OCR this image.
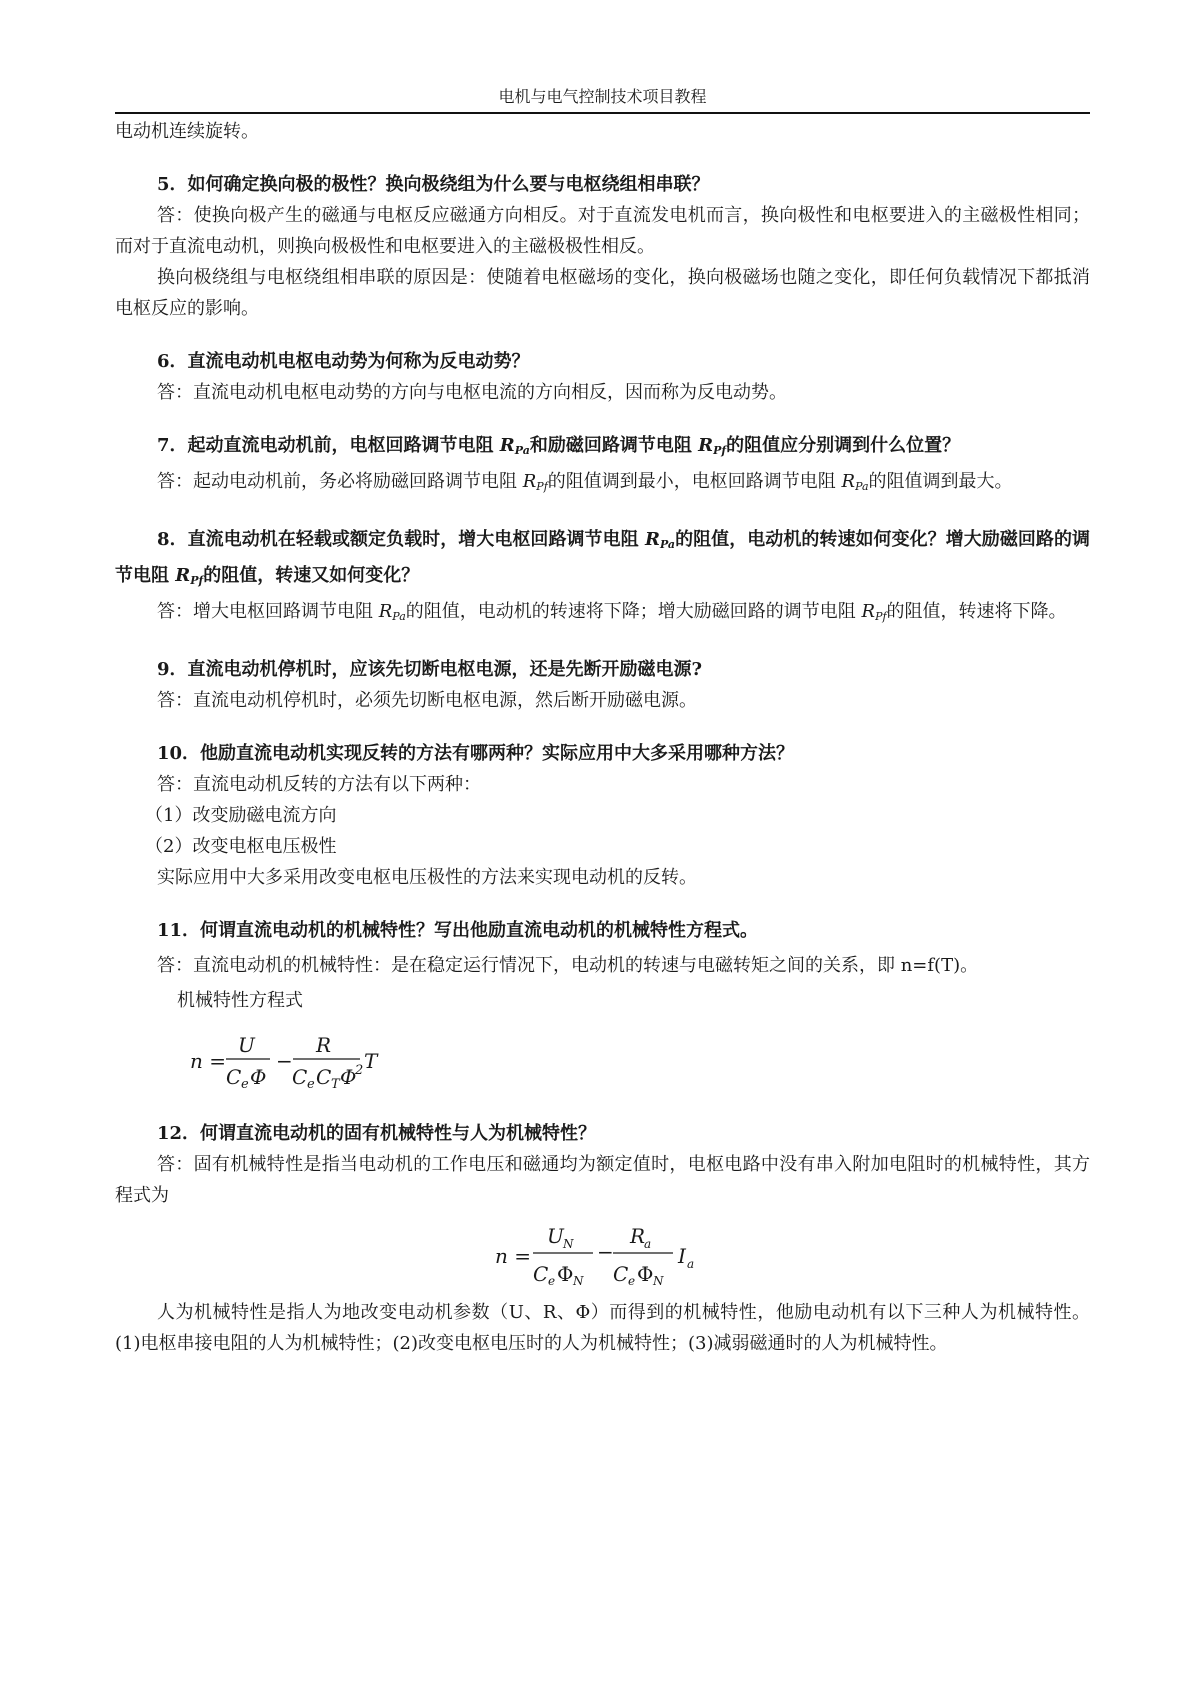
电机与电气控制技术项目教程

电动机连续旋转。

5．如何确定换向极的极性？换向极绕组为什么要与电枢绕组相串联？

答：使换向极产生的磁通与电枢反应磁通方向相反。对于直流发电机而言，换向极性和电枢要进入的主磁极性相同；而对于直流电动机，则换向极极性和电枢要进入的主磁极极性相反。

换向极绕组与电枢绕组相串联的原因是：使随着电枢磁场的变化，换向极磁场也随之变化，即任何负载情况下都抵消电枢反应的影响。

6．直流电动机电枢电动势为何称为反电动势？

答：直流电动机电枢电动势的方向与电枢电流的方向相反，因而称为反电动势。

7．起动直流电动机前，电枢回路调节电阻 $R_{Pa}$和励磁回路调节电阻 $R_{Pf}$的阻值应分别调到什么位置？

答：起动电动机前，务必将励磁回路调节电阻 $R_{Pf}$的阻值调到最小，电枢回路调节电阻 $R_{Pa}$的阻值调到最大。

8．直流电动机在轻载或额定负载时，增大电枢回路调节电阻 $R_{Pa}$的阻值，电动机的转速如何变化？增大励磁回路的调节电阻 $R_{Pf}$的阻值，转速又如何变化？

答：增大电枢回路调节电阻 $R_{Pa}$的阻值，电动机的转速将下降；增大励磁回路的调节电阻 $R_{Pf}$的阻值，转速将下降。

9．直流电动机停机时，应该先切断电枢电源，还是先断开励磁电源?

答：直流电动机停机时，必须先切断电枢电源，然后断开励磁电源。

10．他励直流电动机实现反转的方法有哪两种？实际应用中大多采用哪种方法？

答：直流电动机反转的方法有以下两种：

（1）改变励磁电流方向

（2）改变电枢电压极性

实际应用中大多采用改变电枢电压极性的方法来实现电动机的反转。

11．何谓直流电动机的机械特性？写出他励直流电动机的机械特性方程式。

答：直流电动机的机械特性：是在稳定运行情况下，电动机的转速与电磁转矩之间的关系，即 n=f(T)。

机械特性方程式

n =
U
C e Φ
−
R
C e C T Φ
2 T

12．何谓直流电动机的固有机械特性与人为机械特性？

答：固有机械特性是指当电动机的工作电压和磁通均为额定值时，电枢电路中没有串入附加电阻时的机械特性，其方程式为

n =
U N
C e Φ N
−
R
a
C e Φ N
I a

人为机械特性是指人为地改变电动机参数（U、R、Φ）而得到的机械特性，他励电动机有以下三种人为机械特性。 (1)电枢串接电阻的人为机械特性；(2)改变电枢电压时的人为机械特性；(3)减弱磁通时的人为机械特性。
